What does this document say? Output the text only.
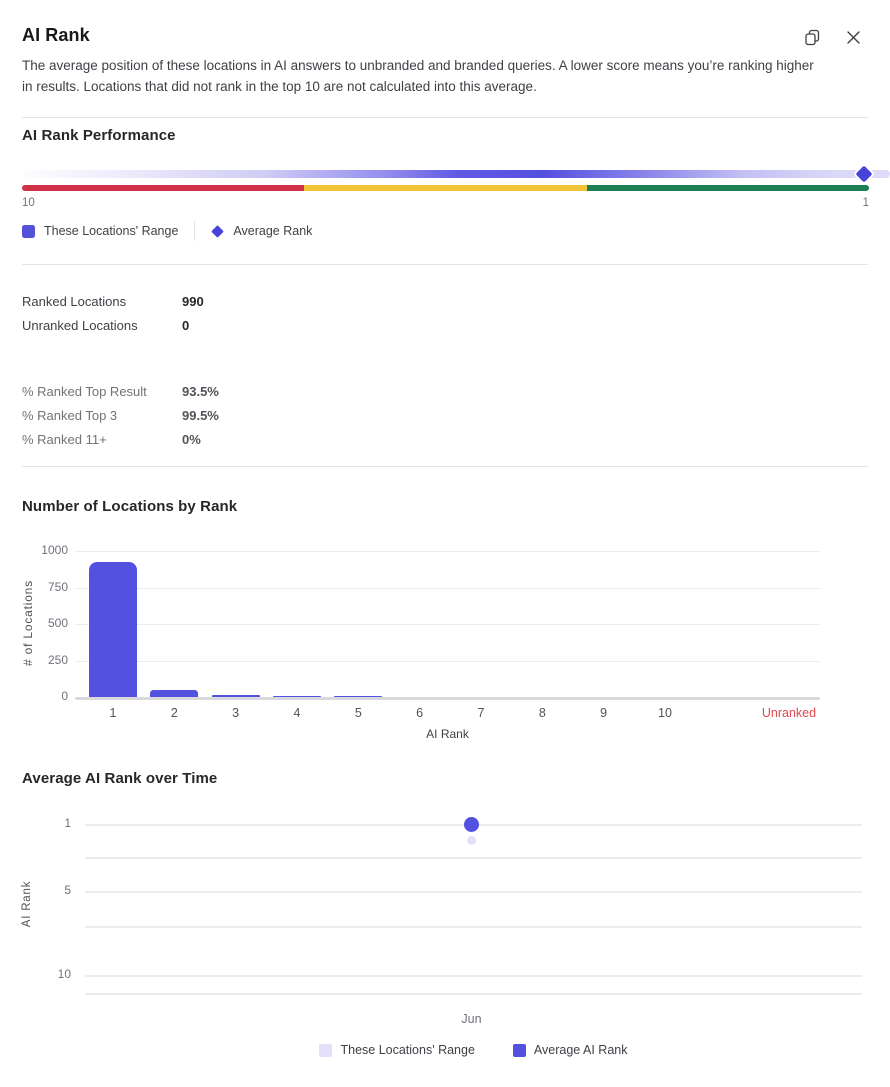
AI Rank

The average position of these locations in AI answers to unbranded and branded queries. A lower score means you’re ranking higher in results. Locations that did not rank in the top 10 are not calculated into this average.

AI Rank Performance
10	1
These Locations' Range	Average Rank
Ranked Locations	990
Unranked Locations	0
% Ranked Top Result	93.5%
% Ranked Top 3	99.5%
% Ranked 11+	0%
Number of Locations by Rank
0
250
500
750
1000
1	2	3	4	5	6	7	8	9	10	Unranked
# of Locations
AI Rank
Average AI Rank over Time
These Locations' Range	Average AI Rank
1
5
10
Jun
AI Rank
